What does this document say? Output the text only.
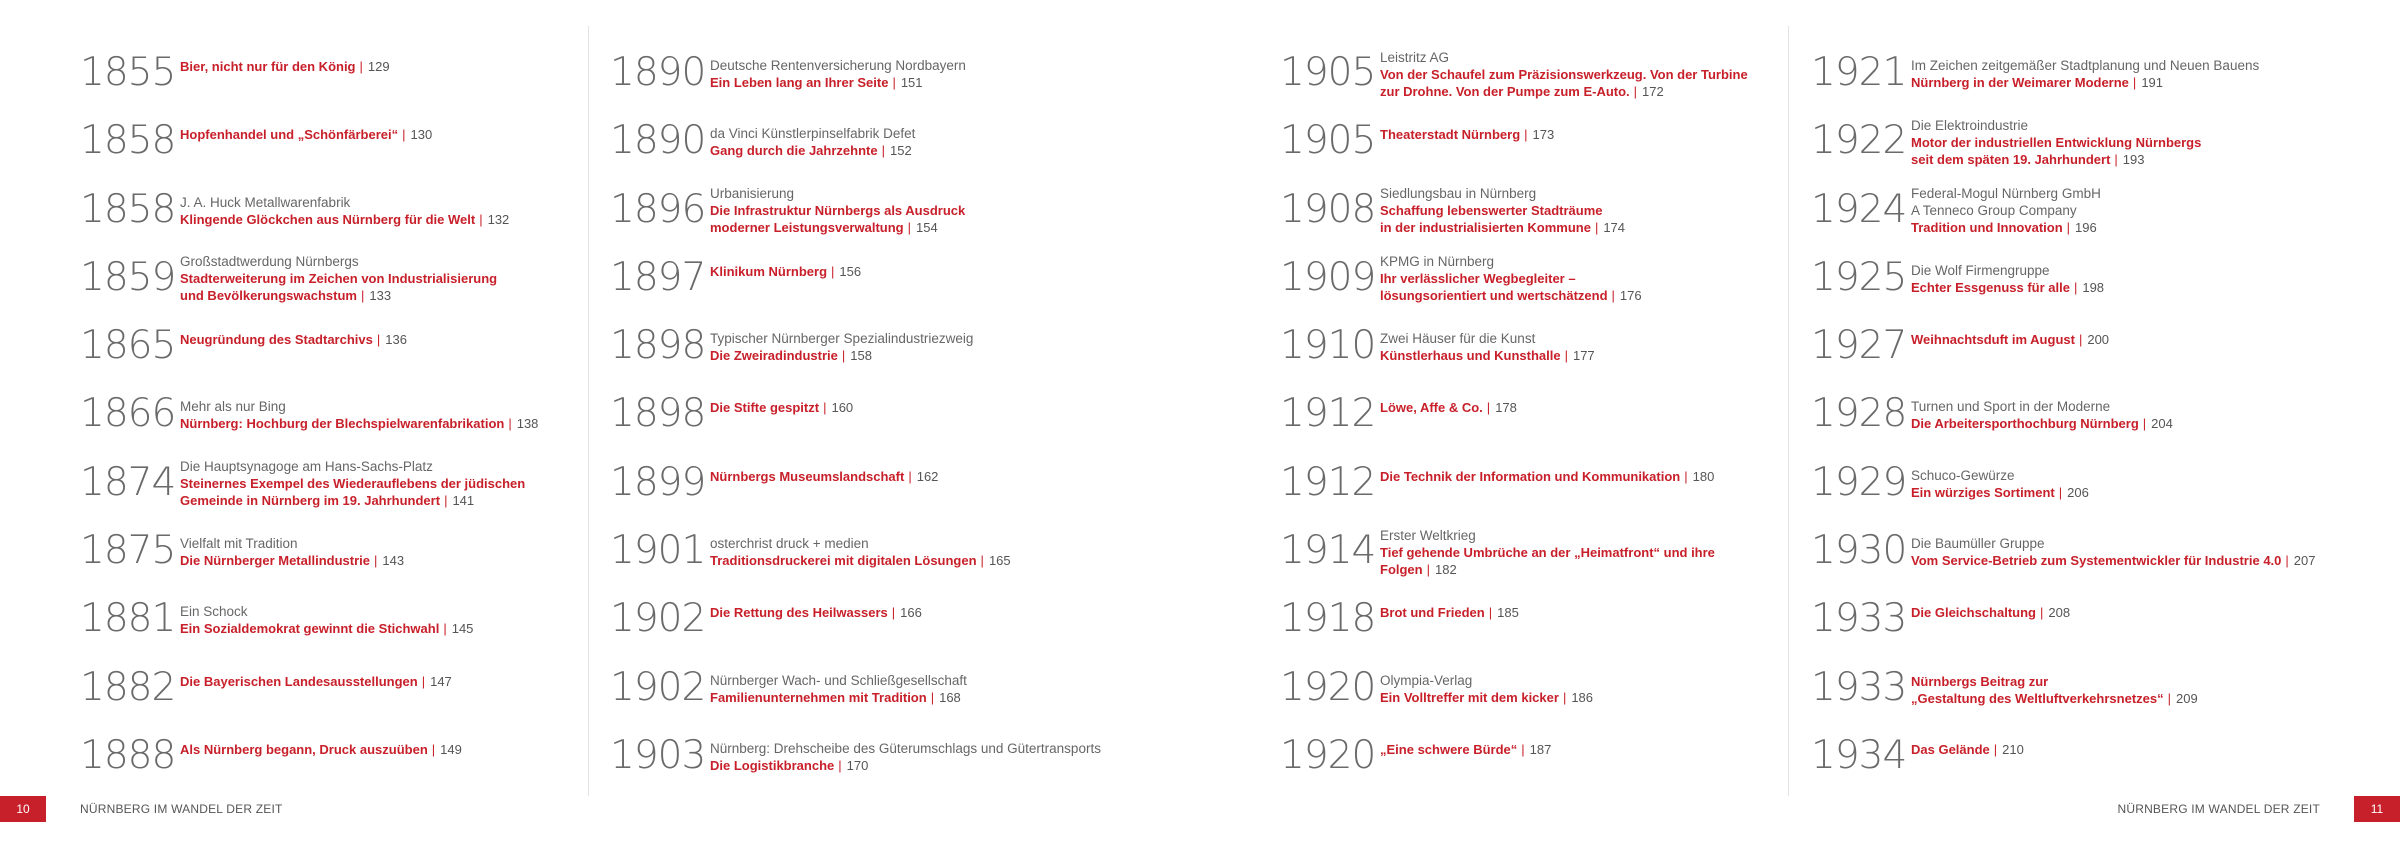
1855 Bier, nicht nur für den König | 129
1858 Hopfenhandel und „Schönfärberei“ | 130
1858 J. A. Huck Metallwarenfabrik
Klingende Glöckchen aus Nürnberg für die Welt | 132
1859 Großstadtwerdung Nürnbergs
Stadterweiterung im Zeichen von Industrialisierung
und Bevölkerungswachstum | 133
1865 Neugründung des Stadtarchivs | 136
1866 Mehr als nur Bing
Nürnberg: Hochburg der Blechspielwarenfabrikation | 138
1874 Die Hauptsynagoge am Hans-Sachs-Platz
Steinernes Exempel des Wiederauflebens der jüdischen
Gemeinde in Nürnberg im 19. Jahrhundert | 141
1875 Vielfalt mit Tradition
Die Nürnberger Metallindustrie | 143
1881 Ein Schock
Ein Sozialdemokrat gewinnt die Stichwahl | 145
1882 Die Bayerischen Landesausstellungen | 147
1888 Als Nürnberg begann, Druck auszuüben | 149
1890 Deutsche Rentenversicherung Nordbayern
Ein Leben lang an Ihrer Seite | 151
1890 da Vinci Künstlerpinselfabrik Defet
Gang durch die Jahrzehnte | 152
1896 Urbanisierung
Die Infrastruktur Nürnbergs als Ausdruck
moderner Leistungsverwaltung | 154
1897 Klinikum Nürnberg | 156
1898 Typischer Nürnberger Spezialindustriezweig
Die Zweiradindustrie | 158
1898 Die Stifte gespitzt | 160
1899 Nürnbergs Museumslandschaft | 162
1901 osterchrist druck + medien
Traditionsdruckerei mit digitalen Lösungen | 165
1902 Die Rettung des Heilwassers | 166
1902 Nürnberger Wach- und Schließgesellschaft
Familienunternehmen mit Tradition | 168
1903 Nürnberg: Drehscheibe des Güterumschlags und Gütertransports
Die Logistikbranche | 170
1905 Leistritz AG
Von der Schaufel zum Präzisionswerkzeug. Von der Turbine
zur Drohne. Von der Pumpe zum E-Auto. | 172
1905 Theaterstadt Nürnberg | 173
1908 Siedlungsbau in Nürnberg
Schaffung lebenswerter Stadträume
in der industrialisierten Kommune | 174
1909 KPMG in Nürnberg
Ihr verlässlicher Wegbegleiter –
lösungsorientiert und wertschätzend | 176
1910 Zwei Häuser für die Kunst
Künstlerhaus und Kunsthalle | 177
1912 Löwe, Affe & Co. | 178
1912 Die Technik der Information und Kommunikation | 180
1914 Erster Weltkrieg
Tief gehende Umbrüche an der „Heimatfront“ und ihre Folgen | 182
1918 Brot und Frieden | 185
1920 Olympia-Verlag
Ein Volltreffer mit dem kicker | 186
1920 „Eine schwere Bürde“ | 187
1921 Im Zeichen zeitgemäßer Stadtplanung und Neuen Bauens
Nürnberg in der Weimarer Moderne | 191
1922 Die Elektroindustrie
Motor der industriellen Entwicklung Nürnbergs
seit dem späten 19. Jahrhundert | 193
1924 Federal-Mogul Nürnberg GmbH
A Tenneco Group Company
Tradition und Innovation | 196
1925 Die Wolf Firmengruppe
Echter Essgenuss für alle | 198
1927 Weihnachtsduft im August | 200
1928 Turnen und Sport in der Moderne
Die Arbeitersporthochburg Nürnberg | 204
1929 Schuco-Gewürze
Ein würziges Sortiment | 206
1930 Die Baumüller Gruppe
Vom Service-Betrieb zum Systementwickler für Industrie 4.0 | 207
1933 Die Gleichschaltung | 208
1933 Nürnbergs Beitrag zur
„Gestaltung des Weltluftverkehrsnetzes“ | 209
1934 Das Gelände | 210
10	NÜRNBERG IM WANDEL DER ZEIT	NÜRNBERG IM WANDEL DER ZEIT	11
